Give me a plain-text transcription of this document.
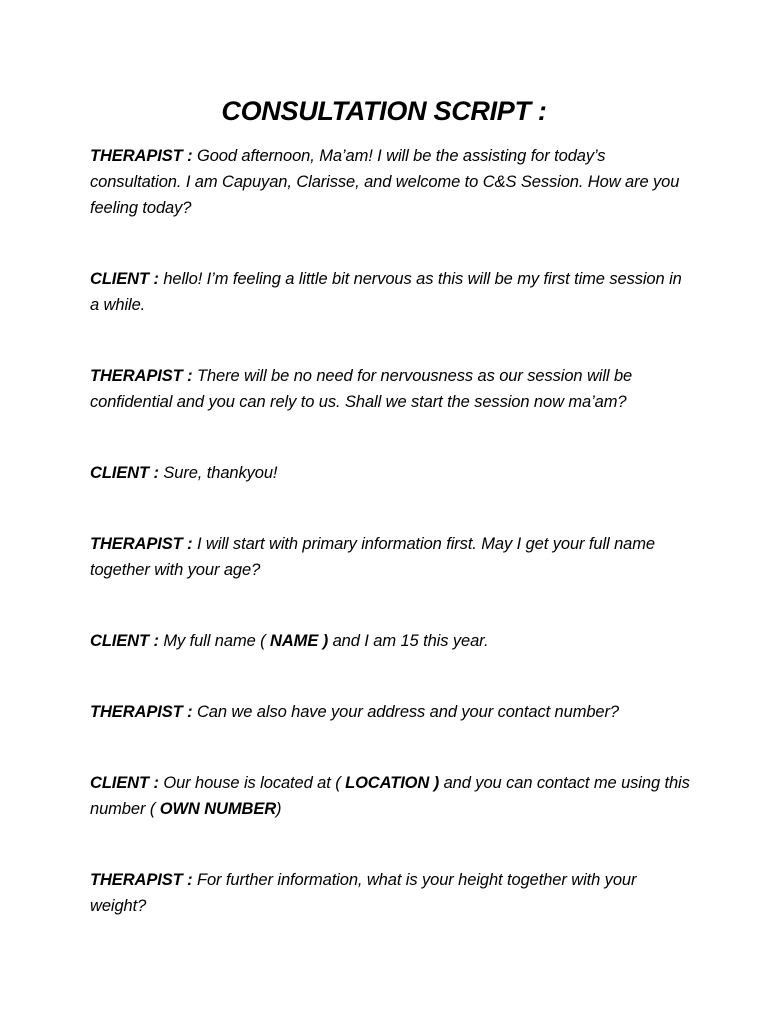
CONSULTATION SCRIPT :

THERAPIST : Good afternoon, Ma’am! I will be the assisting for today’s consultation. I am Capuyan, Clarisse, and welcome to C&S Session. How are you feeling today?

CLIENT : hello! I’m feeling a little bit nervous as this will be my first time session in a while.

THERAPIST : There will be no need for nervousness as our session will be confidential and you can rely to us. Shall we start the session now ma’am?

CLIENT : Sure, thankyou!

THERAPIST : I will start with primary information first. May I get your full name together with your age?

CLIENT : My full name ( NAME ) and I am 15 this year.

THERAPIST : Can we also have your address and your contact number?

CLIENT : Our house is located at ( LOCATION ) and you can contact me using this number ( OWN NUMBER)

THERAPIST : For further information, what is your height together with your weight?
